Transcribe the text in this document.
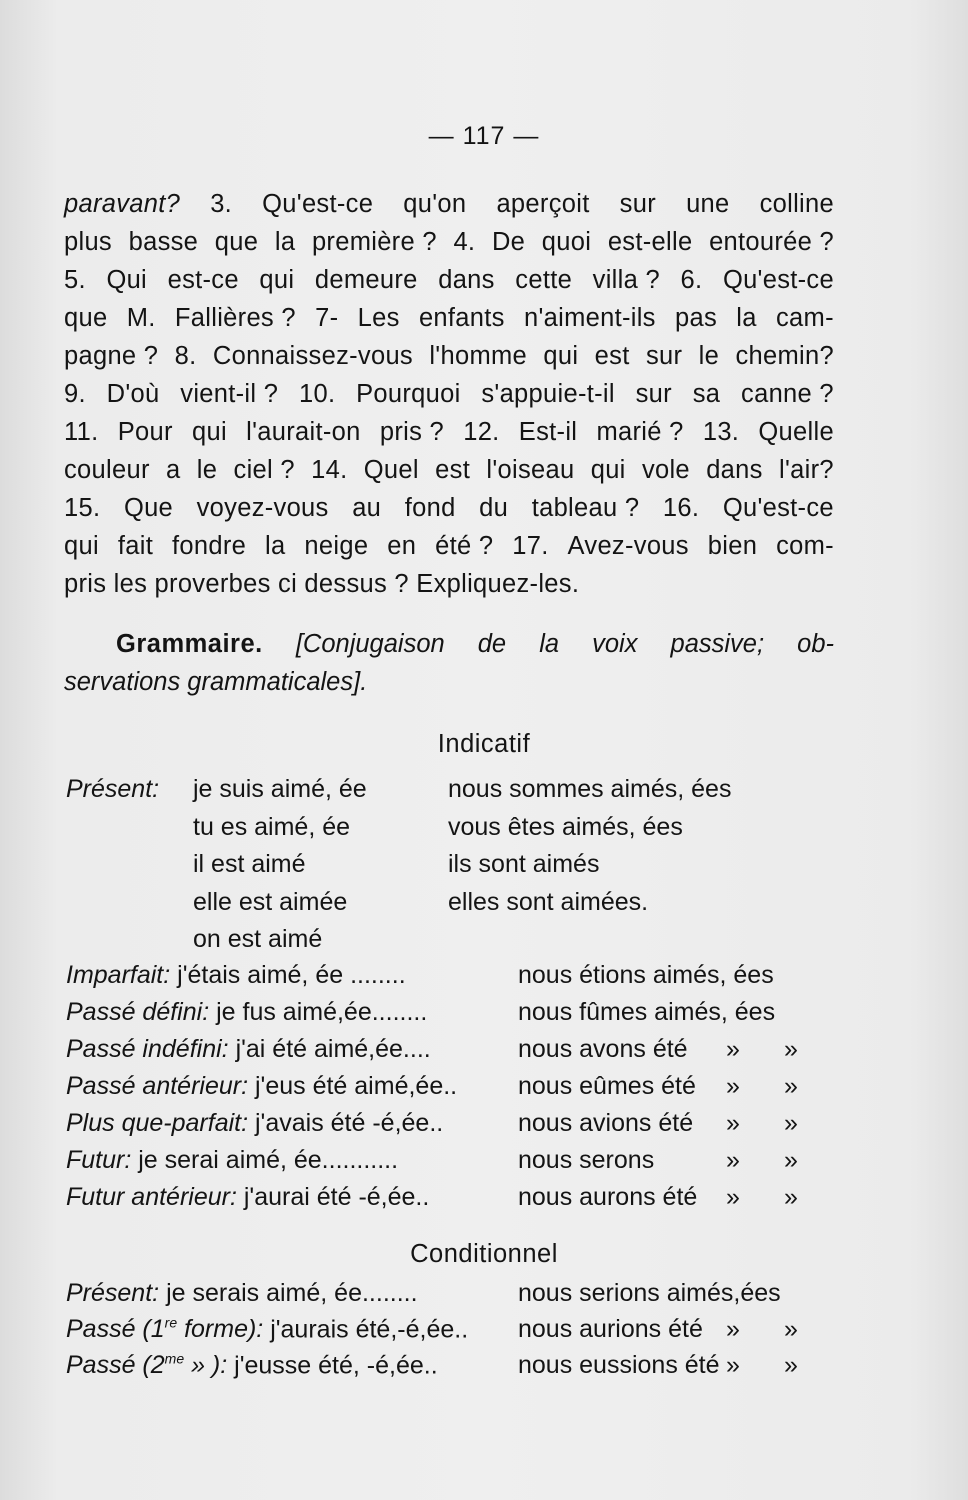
— 117 —
paravant? 3. Qu'est-ce qu'on aperçoit sur une colline
plus basse que la première ? 4. De quoi est-elle entourée ?
5. Qui est-ce qui demeure dans cette villa ? 6. Qu'est-ce
que M. Fallières ? 7- Les enfants n'aiment-ils pas la cam-
pagne ? 8. Connaissez-vous l'homme qui est sur le chemin?
9. D'où vient-il ? 10. Pourquoi s'appuie-t-il sur sa canne ?
11. Pour qui l'aurait-on pris ? 12. Est-il marié ? 13. Quelle
couleur a le ciel ? 14. Quel est l'oiseau qui vole dans l'air?
15. Que voyez-vous au fond du tableau ? 16. Qu'est-ce
qui fait fondre la neige en été ? 17. Avez-vous bien com-
pris les proverbes ci dessus ? Expliquez-les.
Grammaire. [Conjugaison de la voix passive; ob-
servations grammaticales].
Indicatif
Présent: je suis aimé, ée	nous sommes aimés, ées
tu es aimé, ée	vous êtes aimés, ées
il est aimé	ils sont aimés
elle est aimée	elles sont aimées.
on est aimé
Imparfait: j'étais aimé, ée ........	nous étions aimés, ées
Passé défini: je fus aimé,ée........	nous fûmes aimés, ées
Passé indéfini: j'ai été aimé,ée....	nous avons été » »
Passé antérieur: j'eus été aimé,ée.. nous eûmes été » »
Plus que-parfait: j'avais été -é,ée..	nous avions été » »
Futur: je serai aimé, ée...........	nous serons	» »
Futur antérieur: j'aurai été -é,ée..	nous aurons été » »
Conditionnel
Présent: je serais aimé, ée........	nous serions aimés,ées
Passé (1re forme): j'aurais été,-é,ée.. nous aurions été » »
Passé ($2^{me}$ » ): j'eusse été, -é,ée..	nous eussions été » »
